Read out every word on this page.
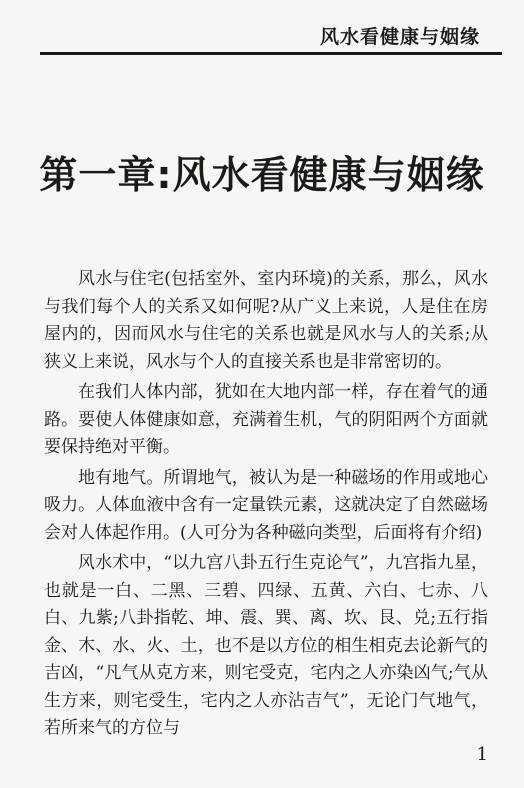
风水看健康与姻缘
第一章:风水看健康与姻缘

风水与住宅(包括室外、室内环境)的关系，那么，风水与我们每个人的关系又如何呢?从广义上来说，人是住在房屋内的，因而风水与住宅的关系也就是风水与人的关系;从狭义上来说，风水与个人的直接关系也是非常密切的。

在我们人体内部，犹如在大地内部一样，存在着气的通路。要使人体健康如意，充满着生机，气的阴阳两个方面就要保持绝对平衡。

地有地气。所谓地气，被认为是一种磁场的作用或地心吸力。人体血液中含有一定量铁元素，这就决定了自然磁场会对人体起作用。(人可分为各种磁向类型，后面将有介绍)

风水术中，“以九宫八卦五行生克论气”，九宫指九星，也就是一白、二黑、三碧、四绿、五黄、六白、七赤、八白、九紫;八卦指乾、坤、震、巽、离、坎、艮、兑;五行指金、木、水、火、土，也不是以方位的相生相克去论新气的吉凶，“凡气从克方来，则宅受克，宅内之人亦染凶气;气从生方来，则宅受生，宅内之人亦沾吉气”，无论门气地气，若所来气的方位与

1
